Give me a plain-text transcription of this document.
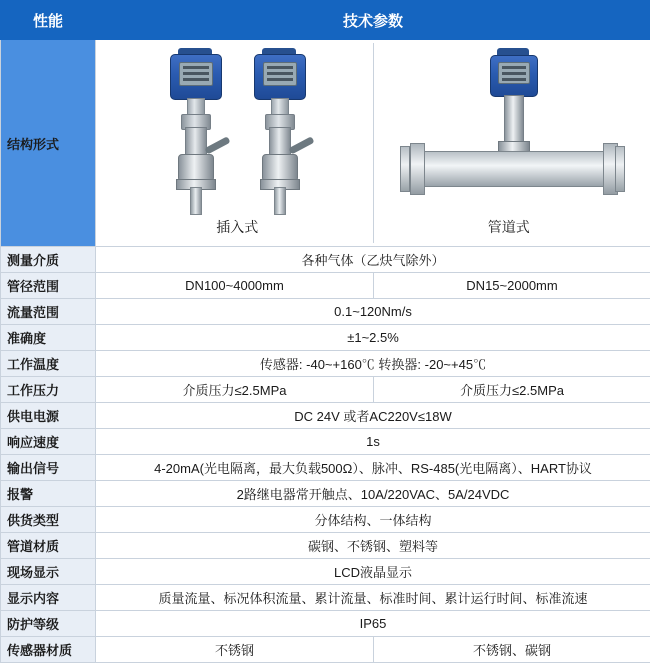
性能	技术参数	
结构形式	插入式 管道式	

测量介质	各种气体（乙炔气除外）	
管径范围	DN100~4000mm	DN15~2000mm
流量范围	0.1~120Nm/s	
准确度	±1~2.5%	
工作温度	传感器: -40~+160℃ 转换器: -20~+45℃	
工作压力	介质压力≤2.5MPa	介质压力≤2.5MPa
供电电源	DC 24V 或者AC220V≤18W	
响应速度	1s	
输出信号	4-20mA(光电隔离，最大负载500Ω）、脉冲、RS-485(光电隔离）、HART协议	
报警	2路继电器常开触点、10A/220VAC、5A/24VDC	
供货类型	分体结构、一体结构	
管道材质	碳钢、不锈钢、塑料等	
现场显示	LCD液晶显示	
显示内容	质量流量、标况体积流量、累计流量、标准时间、累计运行时间、标准流速	
防护等级	IP65	
传感器材质	不锈钢	不锈钢、碳钢
